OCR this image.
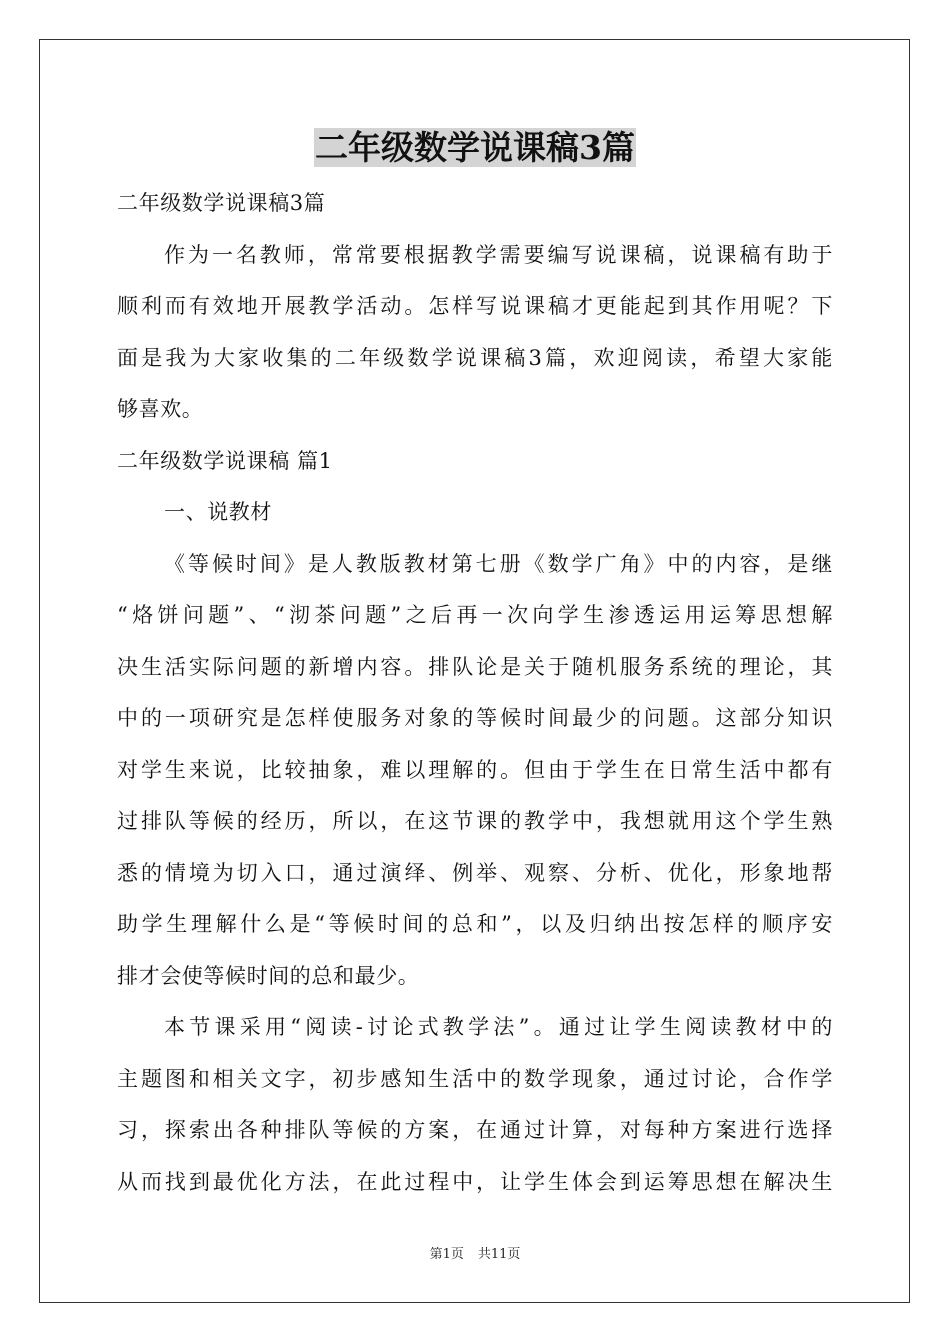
二年级数学说课稿3篇

二年级数学说课稿3篇

作为一名教师，常常要根据教学需要编写说课稿，说课稿有助于

顺利而有效地开展教学活动。怎样写说课稿才更能起到其作用呢？下

面是我为大家收集的二年级数学说课稿3篇，欢迎阅读，希望大家能

够喜欢。

二年级数学说课稿 篇1

一、说教材

《等候时间》是人教版教材第七册《数学广角》中的内容，是继

“烙饼问题”、“沏茶问题”之后再一次向学生渗透运用运筹思想解

决生活实际问题的新增内容。排队论是关于随机服务系统的理论，其

中的一项研究是怎样使服务对象的等候时间最少的问题。这部分知识

对学生来说，比较抽象，难以理解的。但由于学生在日常生活中都有

过排队等候的经历，所以，在这节课的教学中，我想就用这个学生熟

悉的情境为切入口，通过演绎、例举、观察、分析、优化，形象地帮

助学生理解什么是“等候时间的总和”，以及归纳出按怎样的顺序安

排才会使等候时间的总和最少。

本节课采用“阅读-讨论式教学法”。通过让学生阅读教材中的

主题图和相关文字，初步感知生活中的数学现象，通过讨论，合作学

习，探索出各种排队等候的方案，在通过计算，对每种方案进行选择

从而找到最优化方法，在此过程中，让学生体会到运筹思想在解决生

第1页 共11页
